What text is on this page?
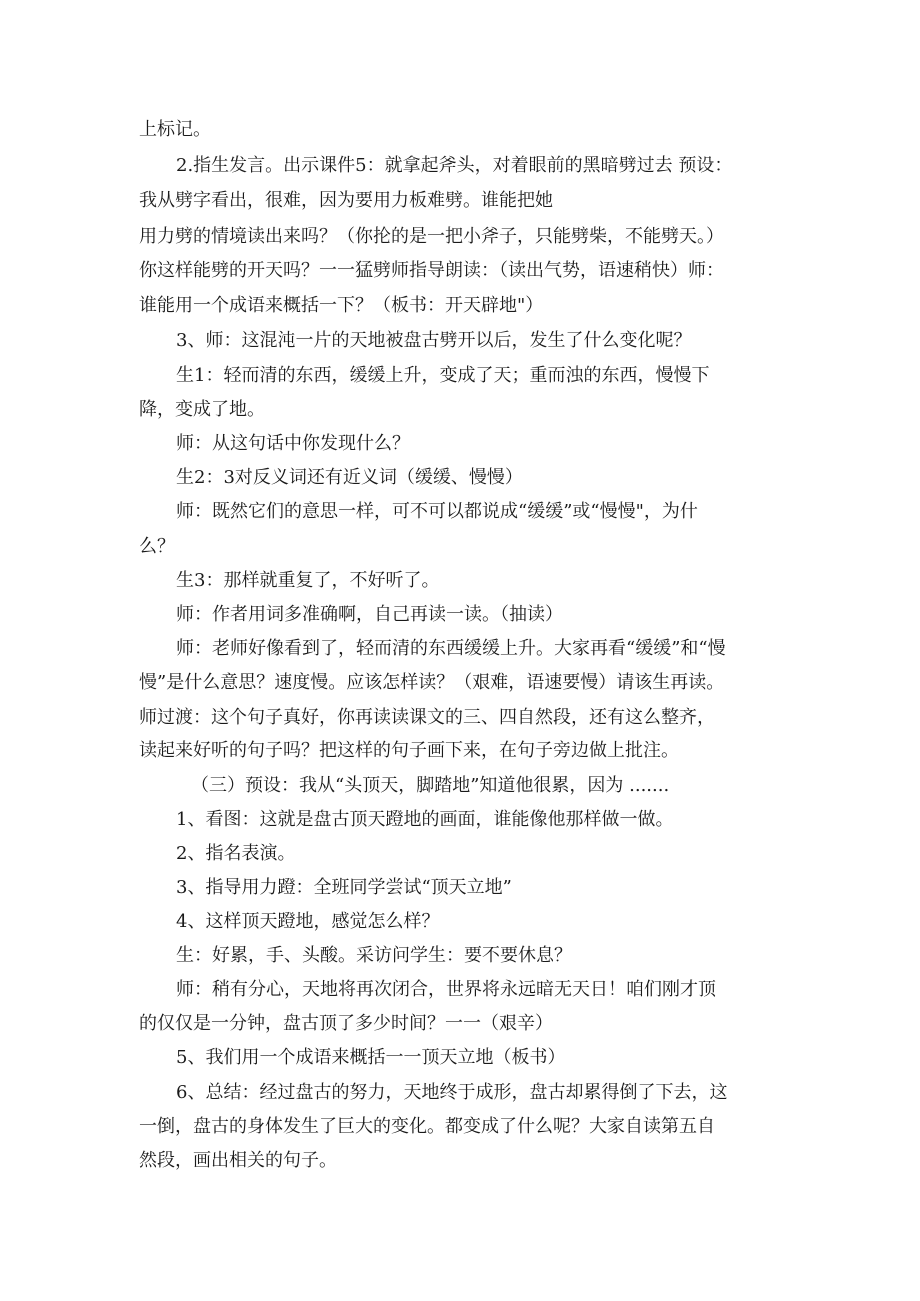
上标记。
2.指生发言。出示课件5：就拿起斧头，对着眼前的黑暗劈过去 预设：
我从劈字看出，很难，因为要用力板难劈。谁能把她
用力劈的情境读出来吗？（你抡的是一把小斧子，只能劈柴，不能劈天。）
你这样能劈的开天吗？一一猛劈师指导朗读：（读出气势，语速稍快）师：
谁能用一个成语来概括一下？（板书：开天辟地"）
3、师：这混沌一片的天地被盘古劈开以后，发生了什么变化呢？
生1：轻而清的东西，缓缓上升，变成了天；重而浊的东西，慢慢下
降，变成了地。
师：从这句话中你发现什么？
生2：3对反义词还有近义词（缓缓、慢慢）
师：既然它们的意思一样，可不可以都说成“缓缓”或“慢慢"，为什
么？
生3：那样就重复了，不好听了。
师：作者用词多准确啊，自己再读一读。（抽读）
师：老师好像看到了，轻而清的东西缓缓上升。大家再看“缓缓”和“慢
慢”是什么意思？速度慢。应该怎样读？（艰难，语速要慢）请该生再读。
师过渡：这个句子真好，你再读读课文的三、四自然段，还有这么整齐，
读起来好听的句子吗？把这样的句子画下来，在句子旁边做上批注。
（三）预设：我从“头顶天，脚踏地”知道他很累，因为 .......
1、看图：这就是盘古顶天蹬地的画面，谁能像他那样做一做。
2、指名表演。
3、指导用力蹬：全班同学尝试“顶天立地”
4、这样顶天蹬地，感觉怎么样？
生：好累，手、头酸。采访问学生：要不要休息？
师：稍有分心，天地将再次闭合，世界将永远暗无天日！咱们刚才顶
的仅仅是一分钟，盘古顶了多少时间？一一（艰辛）
5、我们用一个成语来概括一一顶天立地（板书）
6、总结：经过盘古的努力，天地终于成形，盘古却累得倒了下去，这
一倒，盘古的身体发生了巨大的变化。都变成了什么呢？大家自读第五自
然段，画出相关的句子。
